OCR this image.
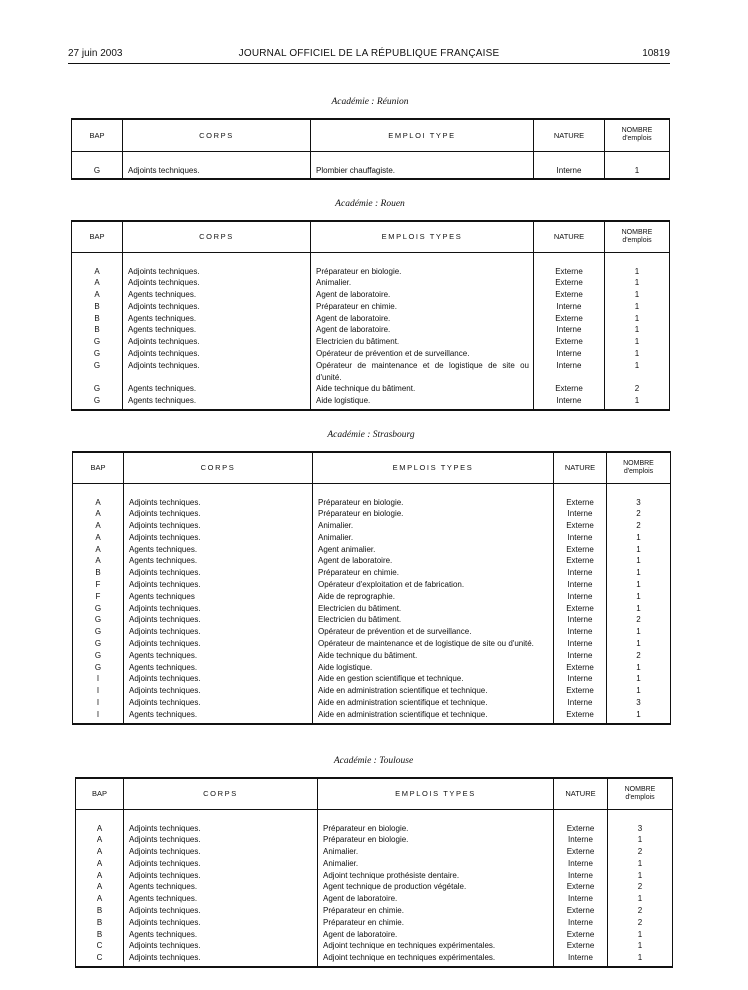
27 juin 2003	JOURNAL OFFICIEL DE LA RÉPUBLIQUE FRANÇAISE	10819
Académie : Réunion
BAP	CORPS	EMPLOI TYPE	NATURE	NOMBRE
d'emplois

G	Adjoints techniques.	Plombier chauffagiste.	Interne	1
Académie : Rouen
BAP	CORPS	EMPLOIS TYPES	NATURE	NOMBRE
d'emplois

A	Adjoints techniques.	Préparateur en biologie.	Externe	1
A	Adjoints techniques.	Animalier.	Externe	1
A	Agents techniques.	Agent de laboratoire.	Externe	1
B	Adjoints techniques.	Préparateur en chimie.	Interne	1
B	Agents techniques.	Agent de laboratoire.	Externe	1
B	Agents techniques.	Agent de laboratoire.	Interne	1
G	Adjoints techniques.	Electricien du bâtiment.	Externe	1
G	Adjoints techniques.	Opérateur de prévention et de surveillance.	Interne	1
G	Adjoints techniques.	Opérateur de maintenance et de logistique de site ou d'unité.	Interne	1
G	Agents techniques.	Aide technique du bâtiment.	Externe	2
G	Agents techniques.	Aide logistique.	Interne	1
Académie : Strasbourg
BAP	CORPS	EMPLOIS TYPES	NATURE	NOMBRE
d'emplois

A	Adjoints techniques.	Préparateur en biologie.	Externe	3
A	Adjoints techniques.	Préparateur en biologie.	Interne	2
A	Adjoints techniques.	Animalier.	Externe	2
A	Adjoints techniques.	Animalier.	Interne	1
A	Agents techniques.	Agent animalier.	Externe	1
A	Agents techniques.	Agent de laboratoire.	Externe	1
B	Adjoints techniques.	Préparateur en chimie.	Interne	1
F	Adjoints techniques.	Opérateur d'exploitation et de fabrication.	Interne	1
F	Agents techniques	Aide de reprographie.	Interne	1
G	Adjoints techniques.	Electricien du bâtiment.	Externe	1
G	Adjoints techniques.	Electricien du bâtiment.	Interne	2
G	Adjoints techniques.	Opérateur de prévention et de surveillance.	Interne	1
G	Adjoints techniques.	Opérateur de maintenance et de logistique de site ou d'unité.	Interne	1
G	Agents techniques.	Aide technique du bâtiment.	Interne	2
G	Agents techniques.	Aide logistique.	Externe	1
I	Adjoints techniques.	Aide en gestion scientifique et technique.	Interne	1
I	Adjoints techniques.	Aide en administration scientifique et technique.	Externe	1
I	Adjoints techniques.	Aide en administration scientifique et technique.	Interne	3
I	Agents techniques.	Aide en administration scientifique et technique.	Externe	1
Académie : Toulouse
BAP	CORPS	EMPLOIS TYPES	NATURE	NOMBRE
d'emplois

A	Adjoints techniques.	Préparateur en biologie.	Externe	3
A	Adjoints techniques.	Préparateur en biologie.	Interne	1
A	Adjoints techniques.	Animalier.	Externe	2
A	Adjoints techniques.	Animalier.	Interne	1
A	Adjoints techniques.	Adjoint technique prothésiste dentaire.	Interne	1
A	Agents techniques.	Agent technique de production végétale.	Externe	2
A	Agents techniques.	Agent de laboratoire.	Interne	1
B	Adjoints techniques.	Préparateur en chimie.	Externe	2
B	Adjoints techniques.	Préparateur en chimie.	Interne	2
B	Agents techniques.	Agent de laboratoire.	Externe	1
C	Adjoints techniques.	Adjoint technique en techniques expérimentales.	Externe	1
C	Adjoints techniques.	Adjoint technique en techniques expérimentales.	Interne	1
